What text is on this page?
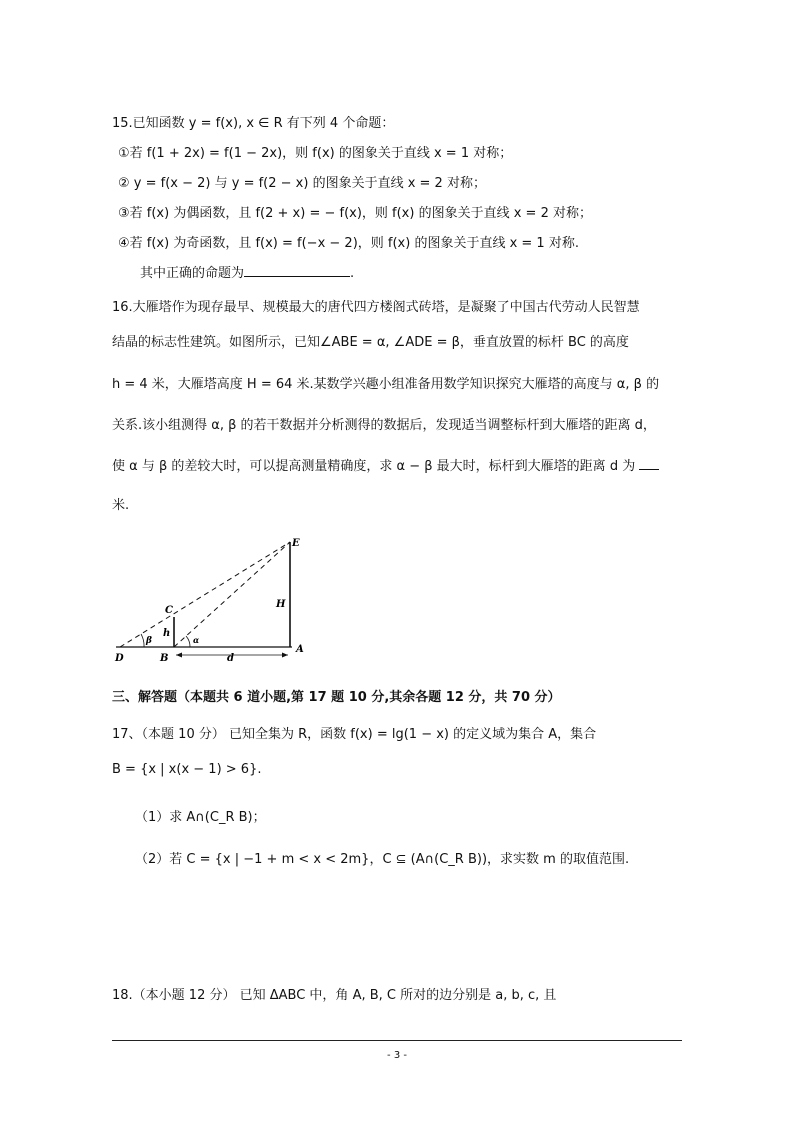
15.已知函数 y = f(x), x ∈ R 有下列 4 个命题：
①若 f(1 + 2x) = f(1 − 2x)，则 f(x) 的图象关于直线 x = 1 对称；
② y = f(x − 2) 与 y = f(2 − x) 的图象关于直线 x = 2 对称；
③若 f(x) 为偶函数，且 f(2 + x) = − f(x)，则 f(x) 的图象关于直线 x = 2 对称；
④若 f(x) 为奇函数，且 f(x) = f(−x − 2)，则 f(x) 的图象关于直线 x = 1 对称.
其中正确的命题为	.
16.大雁塔作为现存最早、规模最大的唐代四方楼阁式砖塔，是凝聚了中国古代劳动人民智慧
结晶的标志性建筑。如图所示，已知∠ABE = α, ∠ADE = β，垂直放置的标杆 BC 的高度
h = 4 米，大雁塔高度 H = 64 米.某数学兴趣小组准备用数学知识探究大雁塔的高度与 α, β 的
关系.该小组测得 α, β 的若干数据并分析测得的数据后，发现适当调整标杆到大雁塔的距离 d，
使 α 与 β 的差较大时，可以提高测量精确度，求 α − β 最大时，标杆到大雁塔的距离 d 为
米.
E
C
H
h
α
β
D	B
A
d
三、解答题（本题共 6 道小题,第 17 题 10 分,其余各题 12 分，共 70 分）
17、（本题 10 分） 已知全集为 R，函数 f(x) = lg(1 − x) 的定义域为集合 A，集合
B = {x | x(x − 1) > 6}.
（1）求 A∩(C_R B)；
（2）若 C = {x | −1 + m < x < 2m}，C ⊆ (A∩(C_R B))，求实数 m 的取值范围.
18.（本小题 12 分） 已知 ΔABC 中，角 A, B, C 所对的边分别是 a, b, c, 且
- 3 -
